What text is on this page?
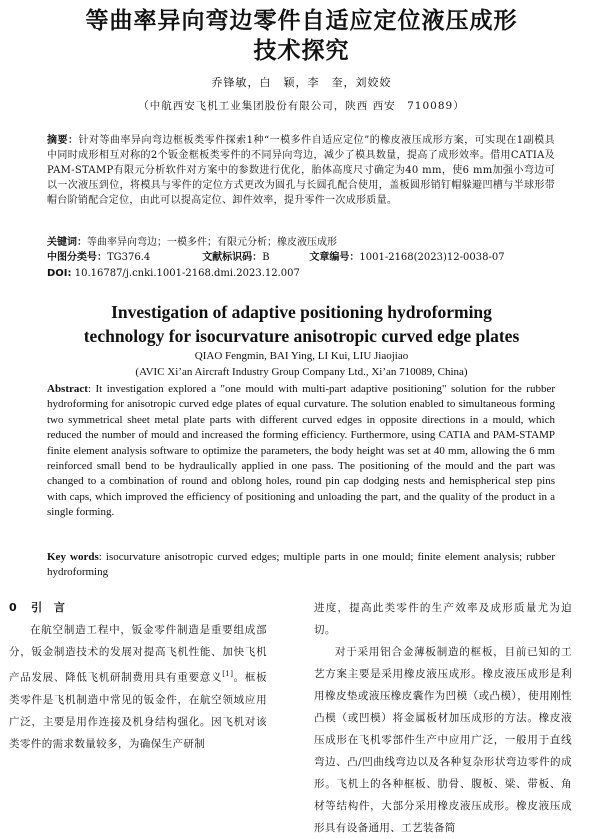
等曲率异向弯边零件自适应定位液压成形
技术探究
乔锋敏，白　颖，李　奎，刘姣姣
（中航西安飞机工业集团股份有限公司，陕西 西安　710089）
摘要：针对等曲率异向弯边框板类零件探索1种“一模多件自适应定位”的橡皮液压成形方案，可实现在1副模具中同时成形相互对称的2个钣金框板类零件的不同异向弯边，减少了模具数量，提高了成形效率。借用CATIA及PAM-STAMP有限元分析软件对方案中的参数进行优化，胎体高度尺寸确定为40 mm，使6 mm加强小弯边可以一次液压到位，将模具与零件的定位方式更改为圆孔与长圆孔配合使用，盖板圆形销钉帽躲避凹槽与半球形带帽台阶销配合定位，由此可以提高定位、卸件效率，提升零件一次成形质量。
关键词：等曲率异向弯边；一模多件；有限元分析；橡皮液压成形
中图分类号：TG376.4	文献标识码：B	文章编号：1001-2168(2023)12-0038-07
DOI: 10.16787/j.cnki.1001-2168.dmi.2023.12.007
Investigation of adaptive positioning hydroforming
technology for isocurvature anisotropic curved edge plates
QIAO Fengmin, BAI Ying, LI Kui, LIU Jiaojiao
(AVIC Xi’an Aircraft Industry Group Company Ltd., Xi’an 710089, China)
Abstract: It investigation explored a "one mould with multi-part adaptive positioning" solution for the rubber hydroforming for anisotropic curved edge plates of equal curvature. The solution enabled to simultaneous forming two symmetrical sheet metal plate parts with different curved edges in opposite directions in a mould, which reduced the number of mould and increased the forming efficiency. Furthermore, using CATIA and PAM-STAMP finite element analysis software to optimize the parameters, the body height was set at 40 mm, allowing the 6 mm reinforced small bend to be hydraulically applied in one pass. The positioning of the mould and the part was changed to a combination of round and oblong holes, round pin cap dodging nests and hemispherical step pins with caps, which improved the efficiency of positioning and unloading the part, and the quality of the product in a single forming.
Key words: isocurvature anisotropic curved edges; multiple parts in one mould; finite element analysis; rubber hydroforming

0 引　言

在航空制造工程中，钣金零件制造是重要组成部分，钣金制造技术的发展对提高飞机性能、加快飞机产品发展、降低飞机研制费用具有重要意义[1]。框板类零件是飞机制造中常见的钣金件，在航空领域应用广泛，主要是用作连接及机身结构强化。因飞机对该类零件的需求数量较多，为确保生产研制

进度，提高此类零件的生产效率及成形质量尤为迫切。

对于采用铝合金薄板制造的框板，目前已知的工艺方案主要是采用橡皮液压成形。橡皮液压成形是利用橡皮垫或液压橡皮囊作为凹模（或凸模），使用刚性凸模（或凹模）将金属板材加压成形的方法。橡皮液压成形在飞机零部件生产中应用广泛，一般用于直线弯边、凸/凹曲线弯边以及各种复杂形状弯边零件的成形。飞机上的各种框板、肋骨、腹板、梁、带板、角材等结构件，大部分采用橡皮液压成形。橡皮液压成形具有设备通用、工艺装备简
